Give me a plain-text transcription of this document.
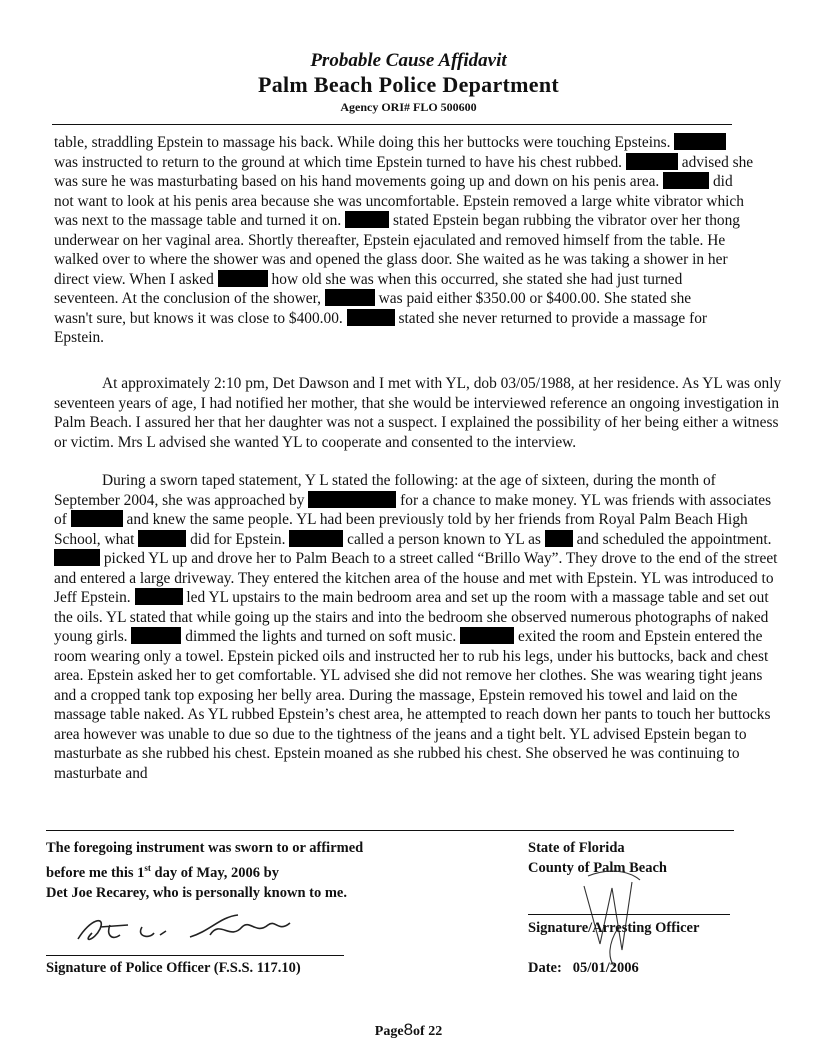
Probable Cause Affidavit
Palm Beach Police Department
Agency ORI# FLO 500600

table, straddling Epstein to massage his back. While doing this her buttocks were touching Epsteins.

was instructed to return to the ground at which time Epstein turned to have his chest rubbed.	advised she

was sure he was masturbating based on his hand movements going up and down on his penis area.	did

not want to look at his penis area because she was uncomfortable. Epstein removed a large white vibrator which

was next to the massage table and turned it on.	stated Epstein began rubbing the vibrator over her thong

underwear on her vaginal area. Shortly thereafter, Epstein ejaculated and removed himself from the table. He

walked over to where the shower was and opened the glass door. She waited as he was taking a shower in her

direct view. When I asked	how old she was when this occurred, she stated she had just turned

seventeen. At the conclusion of the shower,	was paid either $350.00 or $400.00. She stated she

wasn't sure, but knows it was close to $400.00.	stated she never returned to provide a massage for

Epstein.

At approximately 2:10 pm, Det Dawson and I met with YL, dob 03/05/1988, at her residence. As YL was only seventeen years of age, I had notified her mother, that she would be interviewed reference an ongoing investigation in Palm Beach. I assured her that her daughter was not a suspect. I explained the possibility of her being either a witness or victim. Mrs L advised she wanted YL to cooperate and consented to the interview.

During a sworn taped statement, Y L stated the following: at the age of sixteen, during the month of September 2004, she was approached by	for a chance to make money. YL was friends with associates of	and knew the same people. YL had been previously told by her friends from Royal Palm Beach High School, what	did for Epstein.	called a person known to YL as and scheduled the appointment.  picked YL up and drove her to Palm Beach to a street called “Brillo Way”. They drove to the end of the street and entered a large driveway. They entered the kitchen area of the house and met with Epstein. YL was introduced to Jeff Epstein.	led YL upstairs to the main bedroom area and set up the room with a massage table and set out the oils. YL stated that while going up the stairs and into the bedroom she observed numerous photographs of naked young girls.	dimmed the lights and turned on soft music.	exited the room and Epstein entered the room wearing only a towel. Epstein picked oils and instructed her to rub his legs, under his buttocks, back and chest area. Epstein asked her to get comfortable. YL advised she did not remove her clothes. She was wearing tight jeans and a cropped tank top exposing her belly area. During the massage, Epstein removed his towel and laid on the massage table naked. As YL rubbed Epstein’s chest area, he attempted to reach down her pants to touch her buttocks area however was unable to due so due to the tightness of the jeans and a tight belt. YL advised Epstein began to masturbate as she rubbed his chest. Epstein moaned as she rubbed his chest. She observed he was continuing to masturbate and

The foregoing instrument was sworn to or affirmed
before me this 1st day of May, 2006 by
Det Joe Recarey, who is personally known to me.
Signature of Police Officer (F.S.S. 117.10)
State of Florida
County of Palm Beach
Signature/Arresting Officer
Date: 05/01/2006
Page8of 22
